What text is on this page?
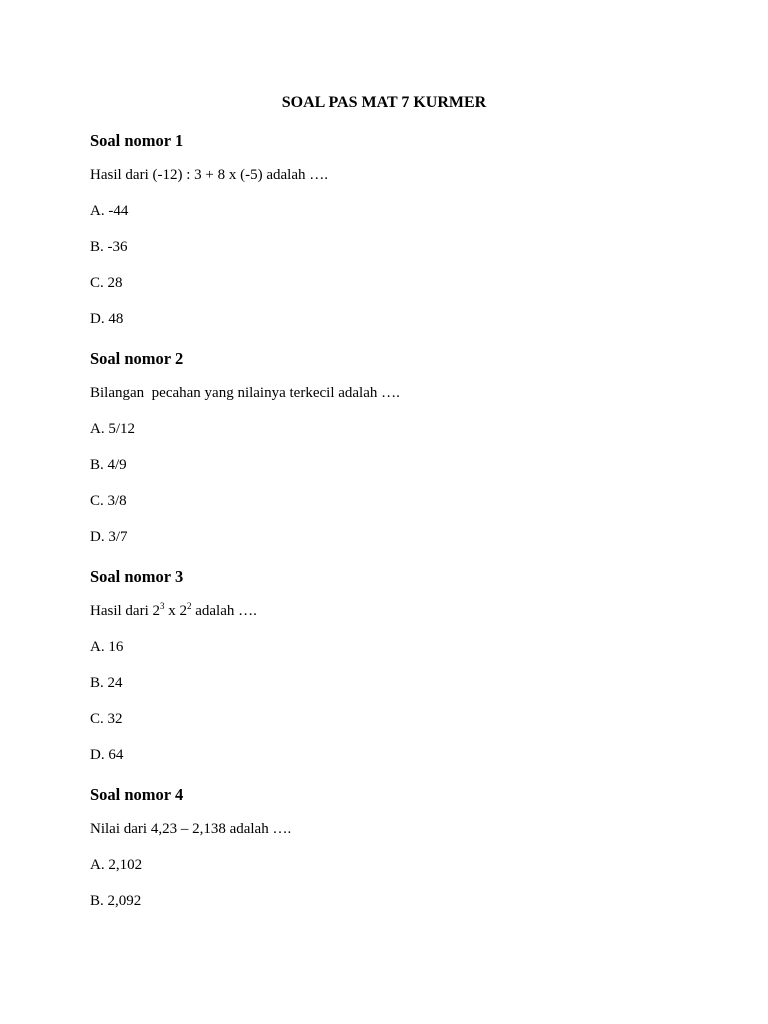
SOAL PAS MAT 7 KURMER
Soal nomor 1
Hasil dari (-12) : 3 + 8 x (-5) adalah ….
A. -44
B. -36
C. 28
D. 48
Soal nomor 2
Bilangan  pecahan yang nilainya terkecil adalah ….
A. 5/12
B. 4/9
C. 3/8
D. 3/7
Soal nomor 3
Hasil dari $2^3$ x $2^2$ adalah ….
A. 16
B. 24
C. 32
D. 64
Soal nomor 4
Nilai dari 4,23 – 2,138 adalah ….
A. 2,102
B. 2,092
